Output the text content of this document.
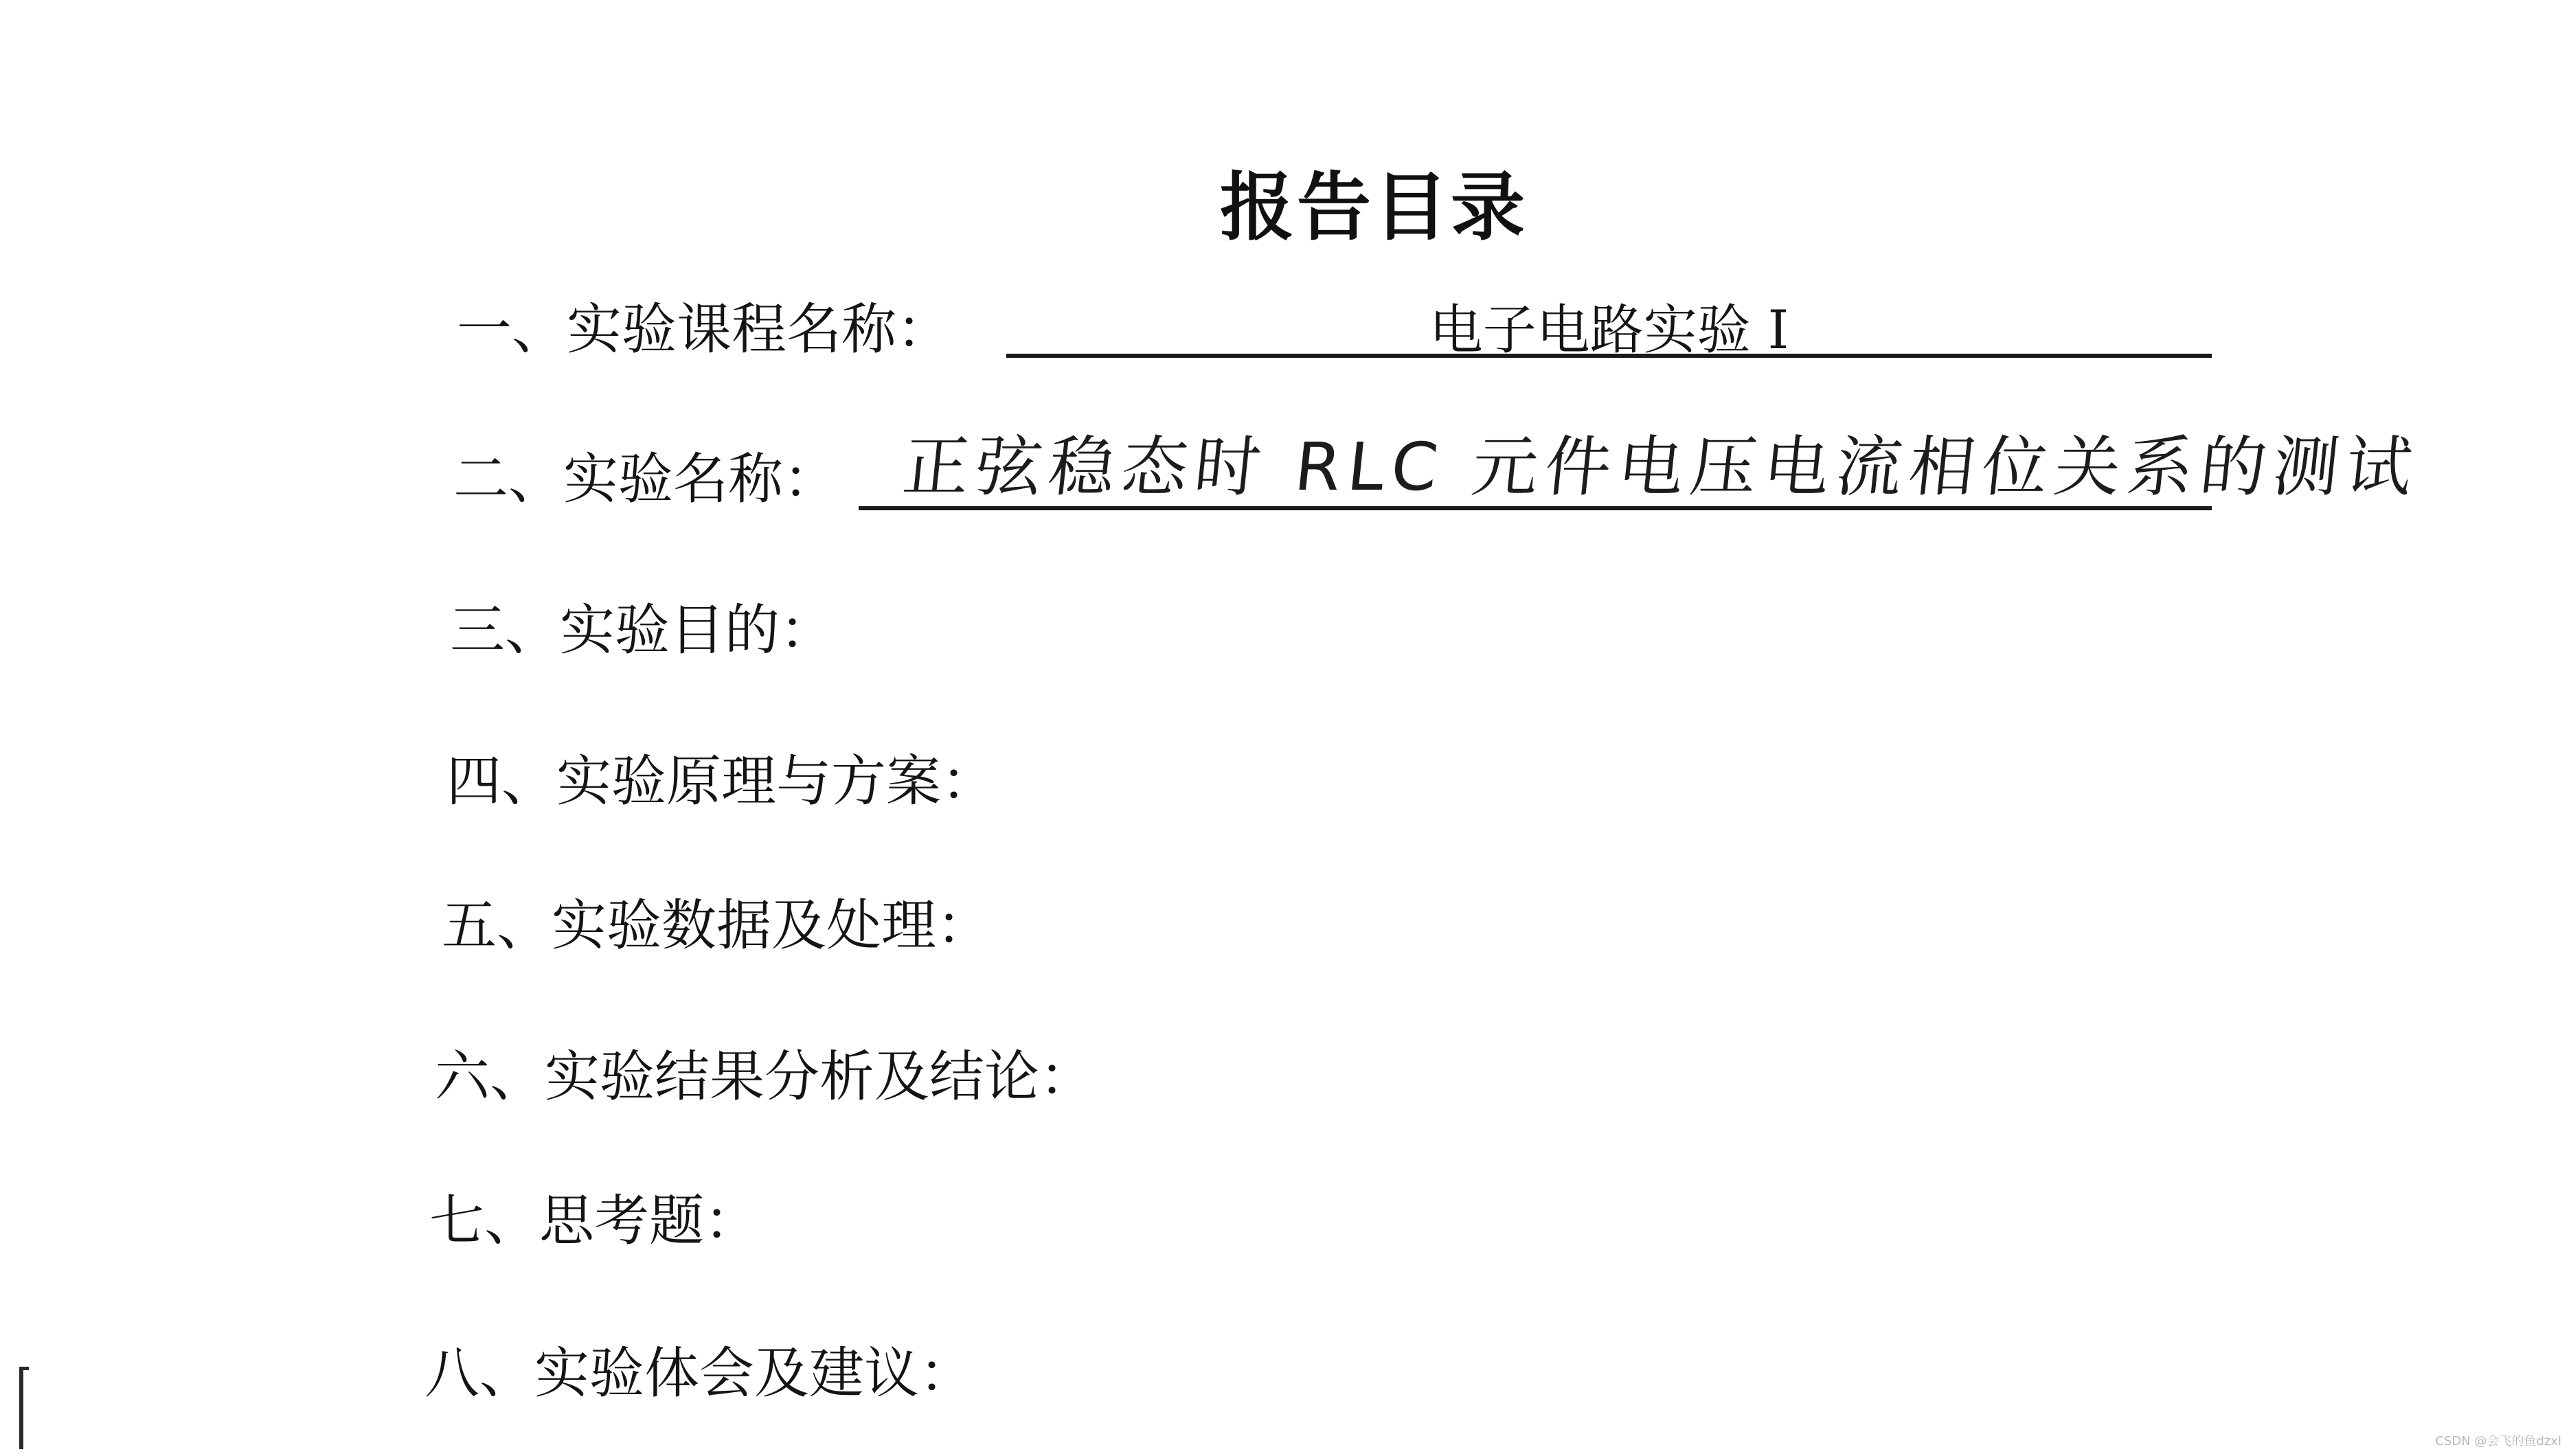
报告目录
一、实验课程名称：	电子电路实验 I
二、实验名称： 正弦稳态时 RLC 元件电压电流相位关系的测试
三、实验目的：
四、实验原理与方案：
五、实验数据及处理：
六、实验结果分析及结论：
七、思考题：
八、实验体会及建议：
CSDN @会飞的鱼dzxl
